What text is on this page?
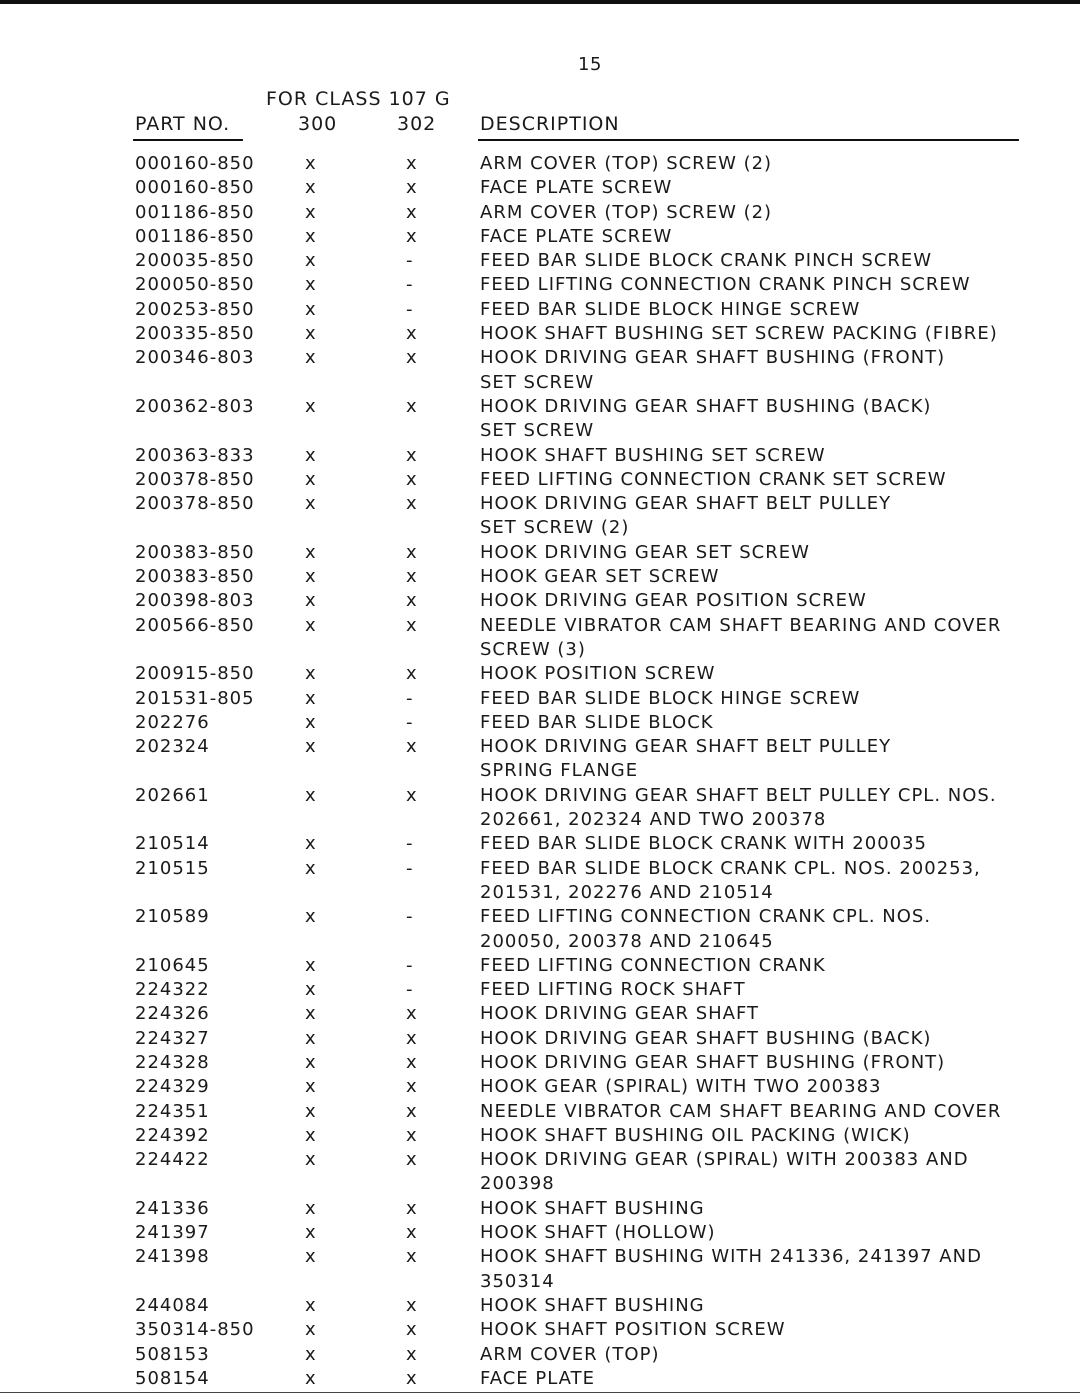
15
FOR CLASS 107 G
PART NO.	300	302 DESCRIPTION
000160-850	x	x	ARM COVER (TOP) SCREW (2)
000160-850	x	x	FACE PLATE SCREW
001186-850	x	x	ARM COVER (TOP) SCREW (2)
001186-850	x	x	FACE PLATE SCREW
200035-850	x	-	FEED BAR SLIDE BLOCK CRANK PINCH SCREW
200050-850	x	-	FEED LIFTING CONNECTION CRANK PINCH SCREW
200253-850	x	-	FEED BAR SLIDE BLOCK HINGE SCREW
200335-850	x	x	HOOK SHAFT BUSHING SET SCREW PACKING (FIBRE)
200346-803	x	x	HOOK DRIVING GEAR SHAFT BUSHING (FRONT)
SET SCREW
200362-803	x	x	HOOK DRIVING GEAR SHAFT BUSHING (BACK)
SET SCREW
200363-833	x	x	HOOK SHAFT BUSHING SET SCREW
200378-850	x	x	FEED LIFTING CONNECTION CRANK SET SCREW
200378-850	x	x	HOOK DRIVING GEAR SHAFT BELT PULLEY
SET SCREW (2)
200383-850	x	x	HOOK DRIVING GEAR SET SCREW
200383-850	x	x	HOOK GEAR SET SCREW
200398-803	x	x	HOOK DRIVING GEAR POSITION SCREW
200566-850	x	x	NEEDLE VIBRATOR CAM SHAFT BEARING AND COVER
SCREW (3)
200915-850	x	x	HOOK POSITION SCREW
201531-805	x	-	FEED BAR SLIDE BLOCK HINGE SCREW
202276	x	-	FEED BAR SLIDE BLOCK
202324	x	x	HOOK DRIVING GEAR SHAFT BELT PULLEY
SPRING FLANGE
202661	x	x	HOOK DRIVING GEAR SHAFT BELT PULLEY CPL. NOS.
202661, 202324 AND TWO 200378
210514	x	-	FEED BAR SLIDE BLOCK CRANK WITH 200035
210515	x	-	FEED BAR SLIDE BLOCK CRANK CPL. NOS. 200253,
201531, 202276 AND 210514
210589	x	-	FEED LIFTING CONNECTION CRANK CPL. NOS.
200050, 200378 AND 210645
210645	x	-	FEED LIFTING CONNECTION CRANK
224322	x	-	FEED LIFTING ROCK SHAFT
224326	x	x	HOOK DRIVING GEAR SHAFT
224327	x	x	HOOK DRIVING GEAR SHAFT BUSHING (BACK)
224328	x	x	HOOK DRIVING GEAR SHAFT BUSHING (FRONT)
224329	x	x	HOOK GEAR (SPIRAL) WITH TWO 200383
224351	x	x	NEEDLE VIBRATOR CAM SHAFT BEARING AND COVER
224392	x	x	HOOK SHAFT BUSHING OIL PACKING (WICK)
224422	x	x	HOOK DRIVING GEAR (SPIRAL) WITH 200383 AND
200398
241336	x	x	HOOK SHAFT BUSHING
241397	x	x	HOOK SHAFT (HOLLOW)
241398	x	x	HOOK SHAFT BUSHING WITH 241336, 241397 AND
350314
244084	x	x	HOOK SHAFT BUSHING
350314-850	x	x	HOOK SHAFT POSITION SCREW
508153	x	x	ARM COVER (TOP)
508154	x	x	FACE PLATE
